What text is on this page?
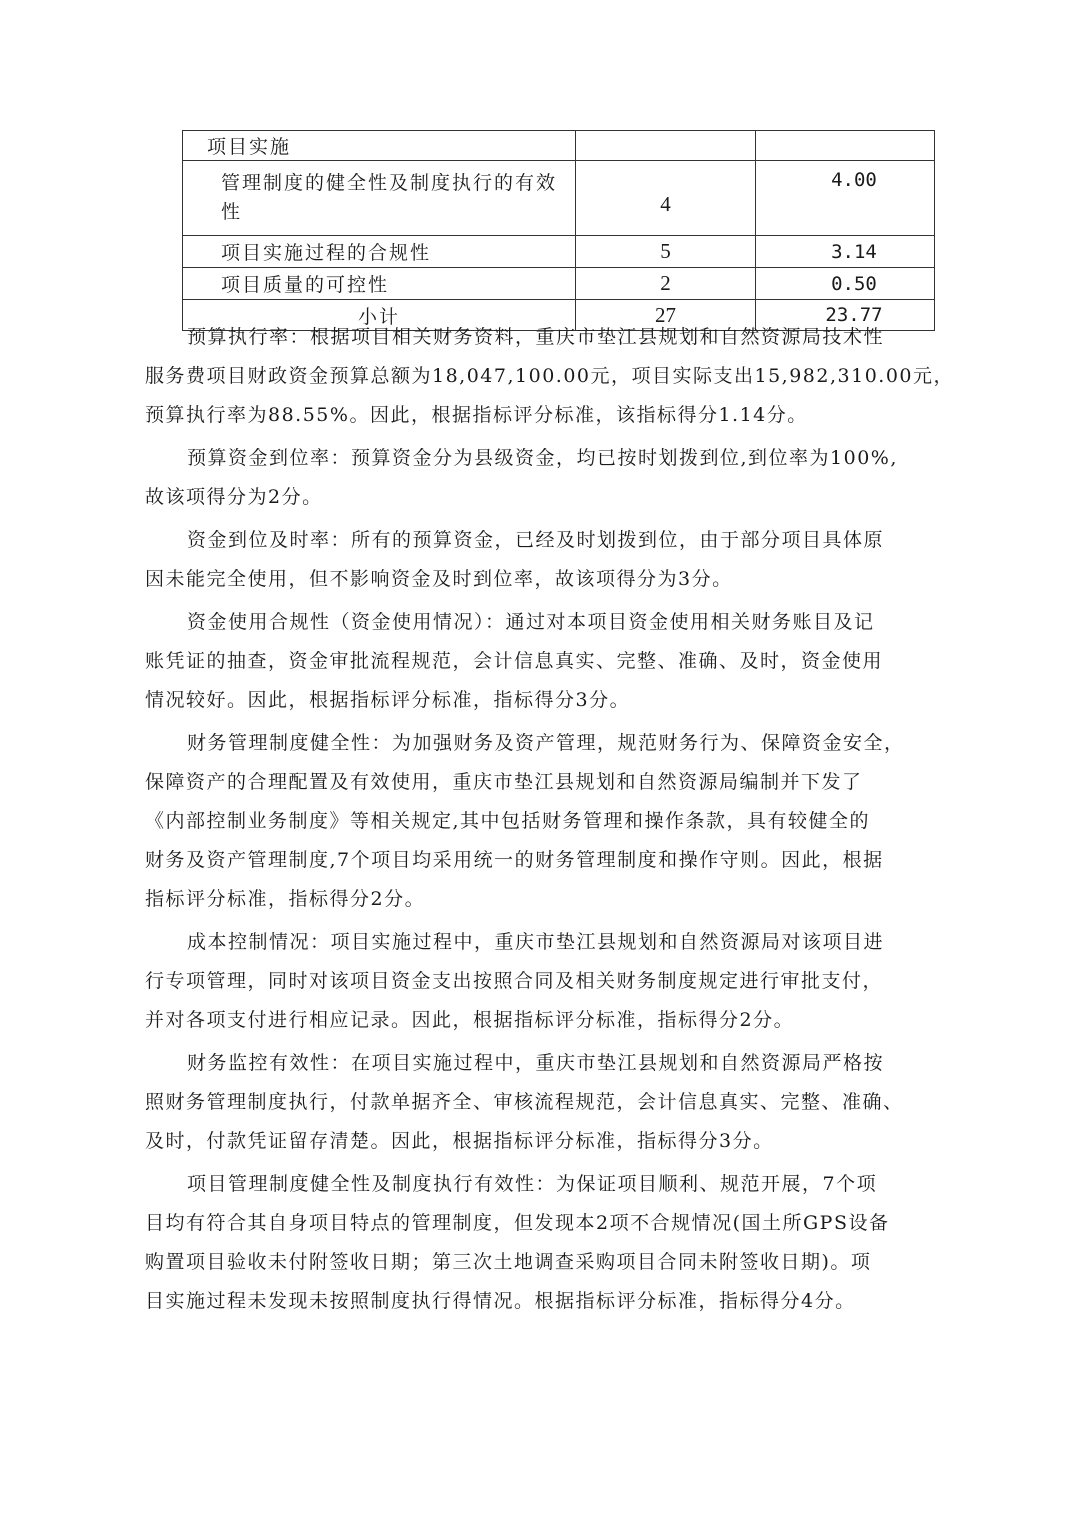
项目实施		
管理制度的健全性及制度执行的有效
性	4	4.00
项目实施过程的合规性	5	3.14
项目质量的可控性	2	0.50
小计	27	23.77
预算执行率：根据项目相关财务资料，重庆市垫江县规划和自然资源局技术性
服务费项目财政资金预算总额为18,047,100.00元，项目实际支出15,982,310.00元，
预算执行率为88.55%。因此，根据指标评分标准，该指标得分1.14分。
预算资金到位率：预算资金分为县级资金，均已按时划拨到位,到位率为100%,
故该项得分为2分。
资金到位及时率：所有的预算资金，已经及时划拨到位，由于部分项目具体原
因未能完全使用，但不影响资金及时到位率，故该项得分为3分。
资金使用合规性（资金使用情况）：通过对本项目资金使用相关财务账目及记
账凭证的抽查，资金审批流程规范，会计信息真实、完整、准确、及时，资金使用
情况较好。因此，根据指标评分标准，指标得分3分。
财务管理制度健全性：为加强财务及资产管理，规范财务行为、保障资金安全，
保障资产的合理配置及有效使用，重庆市垫江县规划和自然资源局编制并下发了
《内部控制业务制度》等相关规定,其中包括财务管理和操作条款，具有较健全的
财务及资产管理制度,7个项目均采用统一的财务管理制度和操作守则。因此，根据
指标评分标准，指标得分2分。
成本控制情况：项目实施过程中，重庆市垫江县规划和自然资源局对该项目进
行专项管理，同时对该项目资金支出按照合同及相关财务制度规定进行审批支付，
并对各项支付进行相应记录。因此，根据指标评分标准，指标得分2分。
财务监控有效性：在项目实施过程中，重庆市垫江县规划和自然资源局严格按
照财务管理制度执行，付款单据齐全、审核流程规范，会计信息真实、完整、准确、
及时，付款凭证留存清楚。因此，根据指标评分标准，指标得分3分。
项目管理制度健全性及制度执行有效性：为保证项目顺利、规范开展，7个项
目均有符合其自身项目特点的管理制度，但发现本2项不合规情况(国土所GPS设备
购置项目验收未付附签收日期；第三次土地调查采购项目合同未附签收日期)。项
目实施过程未发现未按照制度执行得情况。根据指标评分标准，指标得分4分。
